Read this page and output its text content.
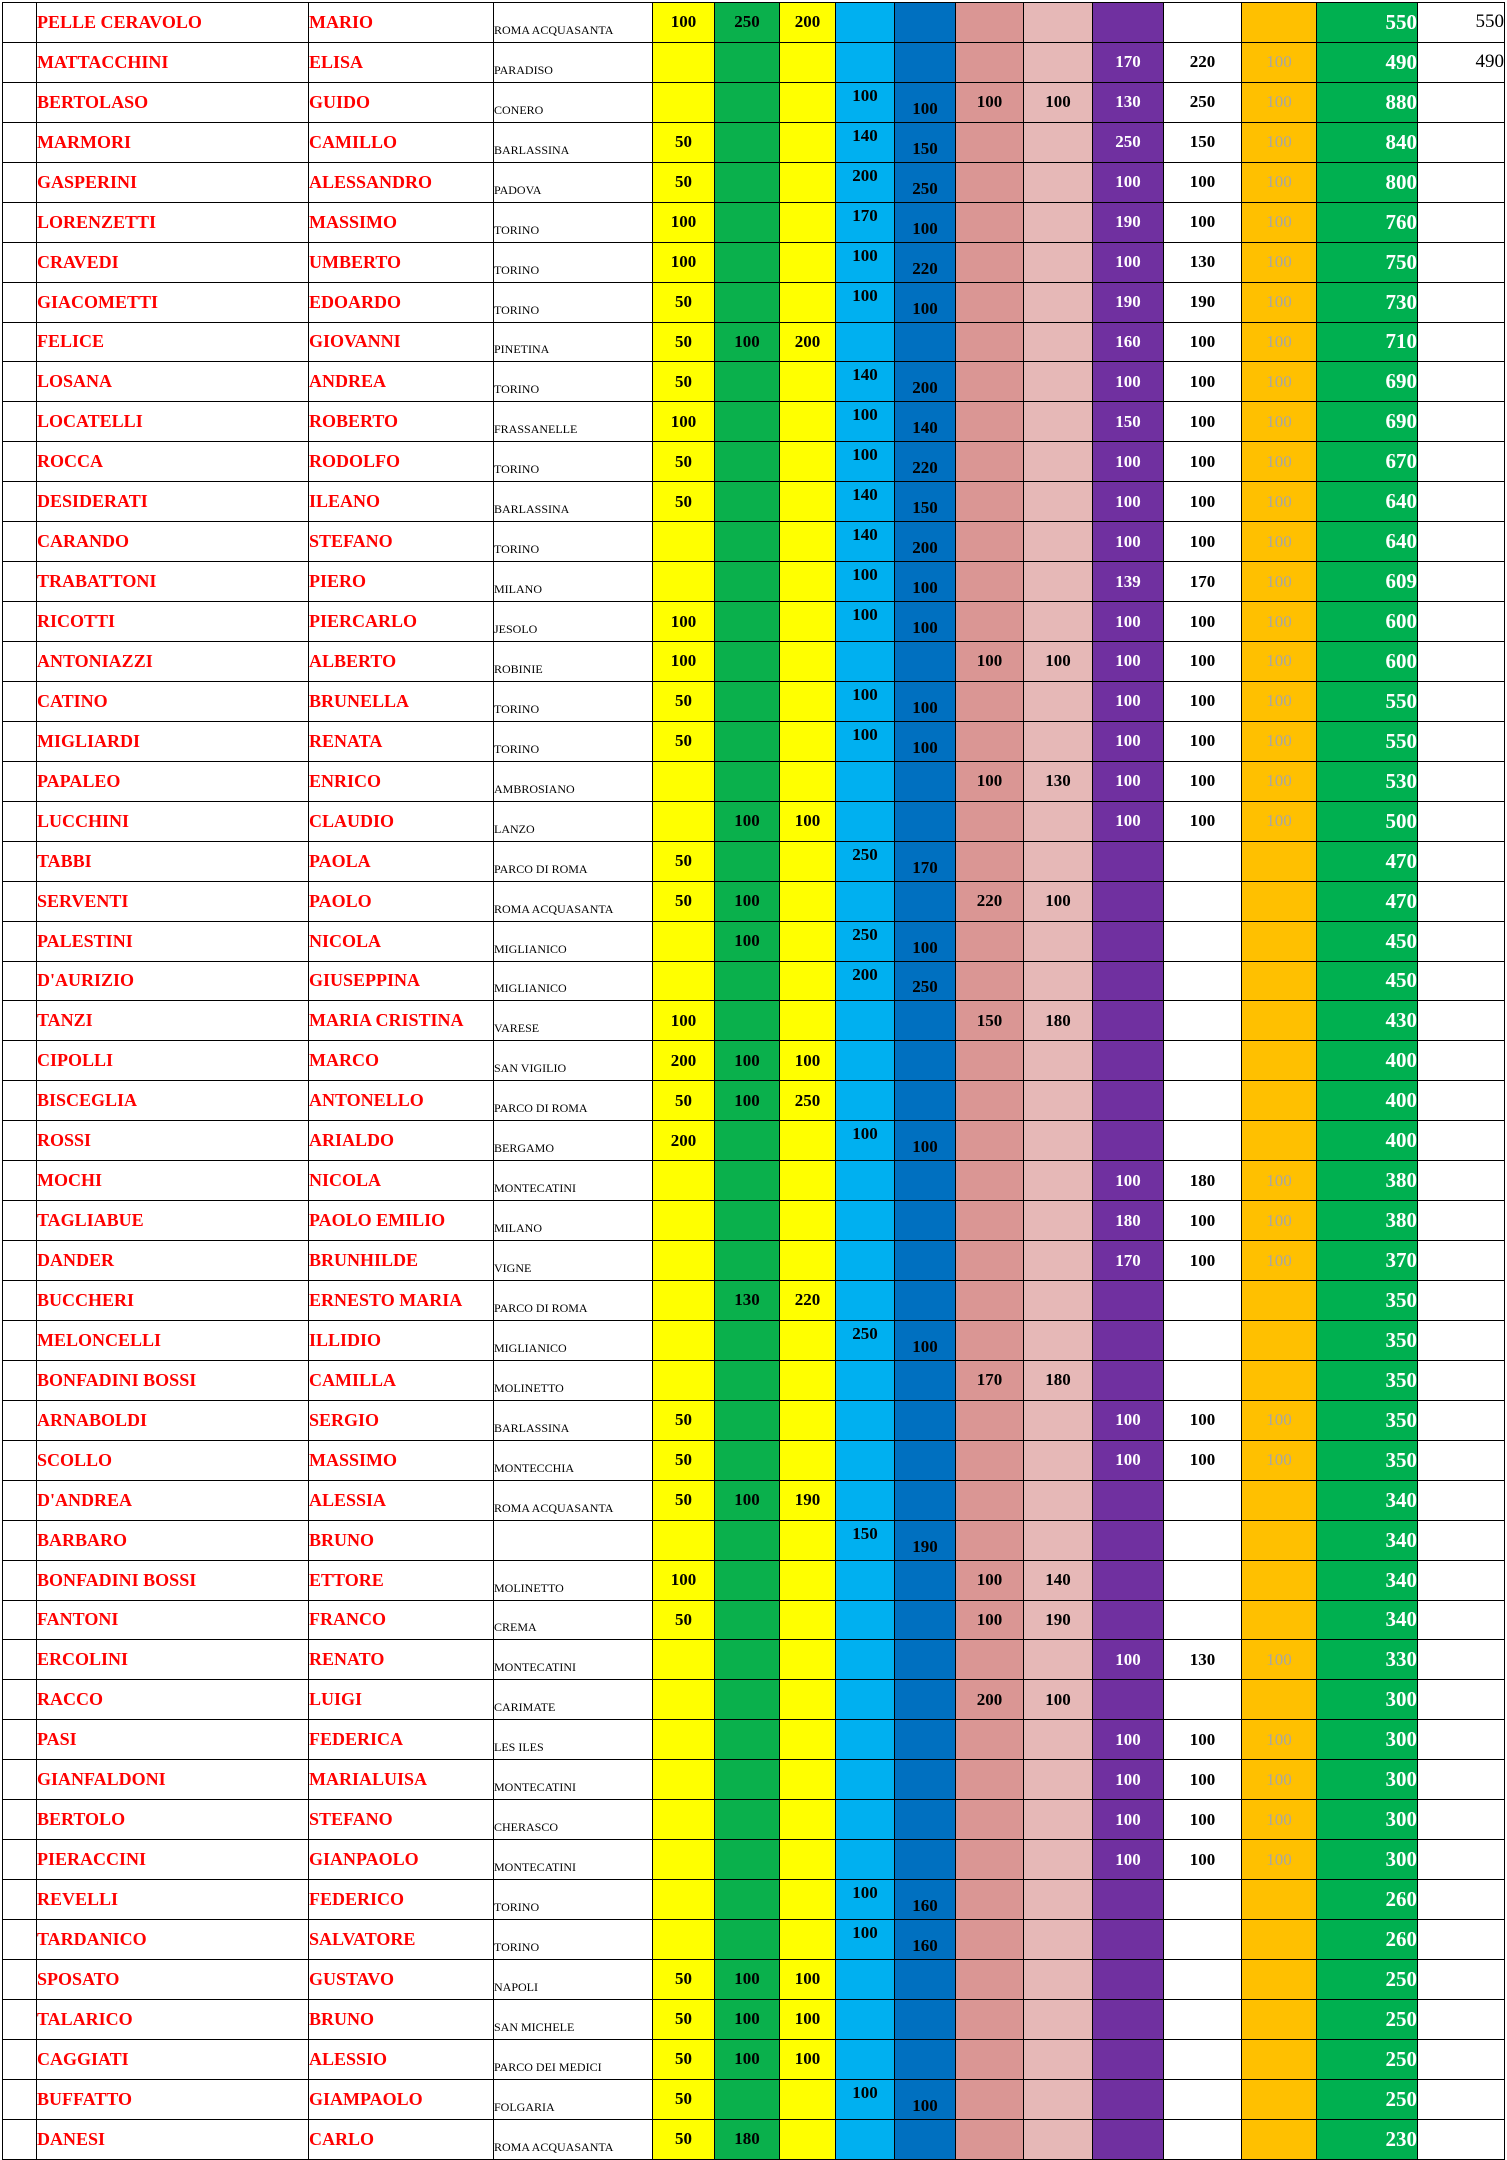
	PELLE CERAVOLO	MARIO	ROMA ACQUASANTA	100	250	200								550	550
	MATTACCHINI	ELISA	PARADISO								170	220	100	490	490
	BERTOLASO	GUIDO	CONERO				100	100	100	100	130	250	100	880	
	MARMORI	CAMILLO	BARLASSINA	50			140	150			250	150	100	840	
	GASPERINI	ALESSANDRO	PADOVA	50			200	250			100	100	100	800	
	LORENZETTI	MASSIMO	TORINO	100			170	100			190	100	100	760	
	CRAVEDI	UMBERTO	TORINO	100			100	220			100	130	100	750	
	GIACOMETTI	EDOARDO	TORINO	50			100	100			190	190	100	730	
	FELICE	GIOVANNI	PINETINA	50	100	200					160	100	100	710	
	LOSANA	ANDREA	TORINO	50			140	200			100	100	100	690	
	LOCATELLI	ROBERTO	FRASSANELLE	100			100	140			150	100	100	690	
	ROCCA	RODOLFO	TORINO	50			100	220			100	100	100	670	
	DESIDERATI	ILEANO	BARLASSINA	50			140	150			100	100	100	640	
	CARANDO	STEFANO	TORINO				140	200			100	100	100	640	
	TRABATTONI	PIERO	MILANO				100	100			139	170	100	609	
	RICOTTI	PIERCARLO	JESOLO	100			100	100			100	100	100	600	
	ANTONIAZZI	ALBERTO	ROBINIE	100					100	100	100	100	100	600	
	CATINO	BRUNELLA	TORINO	50			100	100			100	100	100	550	
	MIGLIARDI	RENATA	TORINO	50			100	100			100	100	100	550	
	PAPALEO	ENRICO	AMBROSIANO						100	130	100	100	100	530	
	LUCCHINI	CLAUDIO	LANZO		100	100					100	100	100	500	
	TABBI	PAOLA	PARCO DI ROMA	50			250	170						470	
	SERVENTI	PAOLO	ROMA ACQUASANTA	50	100				220	100				470	
	PALESTINI	NICOLA	MIGLIANICO		100		250	100						450	
	D'AURIZIO	GIUSEPPINA	MIGLIANICO				200	250						450	
	TANZI	MARIA CRISTINA	VARESE	100					150	180				430	
	CIPOLLI	MARCO	SAN VIGILIO	200	100	100								400	
	BISCEGLIA	ANTONELLO	PARCO DI ROMA	50	100	250								400	
	ROSSI	ARIALDO	BERGAMO	200			100	100						400	
	MOCHI	NICOLA	MONTECATINI								100	180	100	380	
	TAGLIABUE	PAOLO EMILIO	MILANO								180	100	100	380	
	DANDER	BRUNHILDE	VIGNE								170	100	100	370	
	BUCCHERI	ERNESTO MARIA	PARCO DI ROMA		130	220								350	
	MELONCELLI	ILLIDIO	MIGLIANICO				250	100						350	
	BONFADINI BOSSI	CAMILLA	MOLINETTO						170	180				350	
	ARNABOLDI	SERGIO	BARLASSINA	50							100	100	100	350	
	SCOLLO	MASSIMO	MONTECCHIA	50							100	100	100	350	
	D'ANDREA	ALESSIA	ROMA ACQUASANTA	50	100	190								340	
	BARBARO	BRUNO					150	190						340	
	BONFADINI BOSSI	ETTORE	MOLINETTO	100					100	140				340	
	FANTONI	FRANCO	CREMA	50					100	190				340	
	ERCOLINI	RENATO	MONTECATINI								100	130	100	330	
	RACCO	LUIGI	CARIMATE						200	100				300	
	PASI	FEDERICA	LES ILES								100	100	100	300	
	GIANFALDONI	MARIALUISA	MONTECATINI								100	100	100	300	
	BERTOLO	STEFANO	CHERASCO								100	100	100	300	
	PIERACCINI	GIANPAOLO	MONTECATINI								100	100	100	300	
	REVELLI	FEDERICO	TORINO				100	160						260	
	TARDANICO	SALVATORE	TORINO				100	160						260	
	SPOSATO	GUSTAVO	NAPOLI	50	100	100								250	
	TALARICO	BRUNO	SAN MICHELE	50	100	100								250	
	CAGGIATI	ALESSIO	PARCO DEI MEDICI	50	100	100								250	
	BUFFATTO	GIAMPAOLO	FOLGARIA	50			100	100						250	
	DANESI	CARLO	ROMA ACQUASANTA	50	180									230	
